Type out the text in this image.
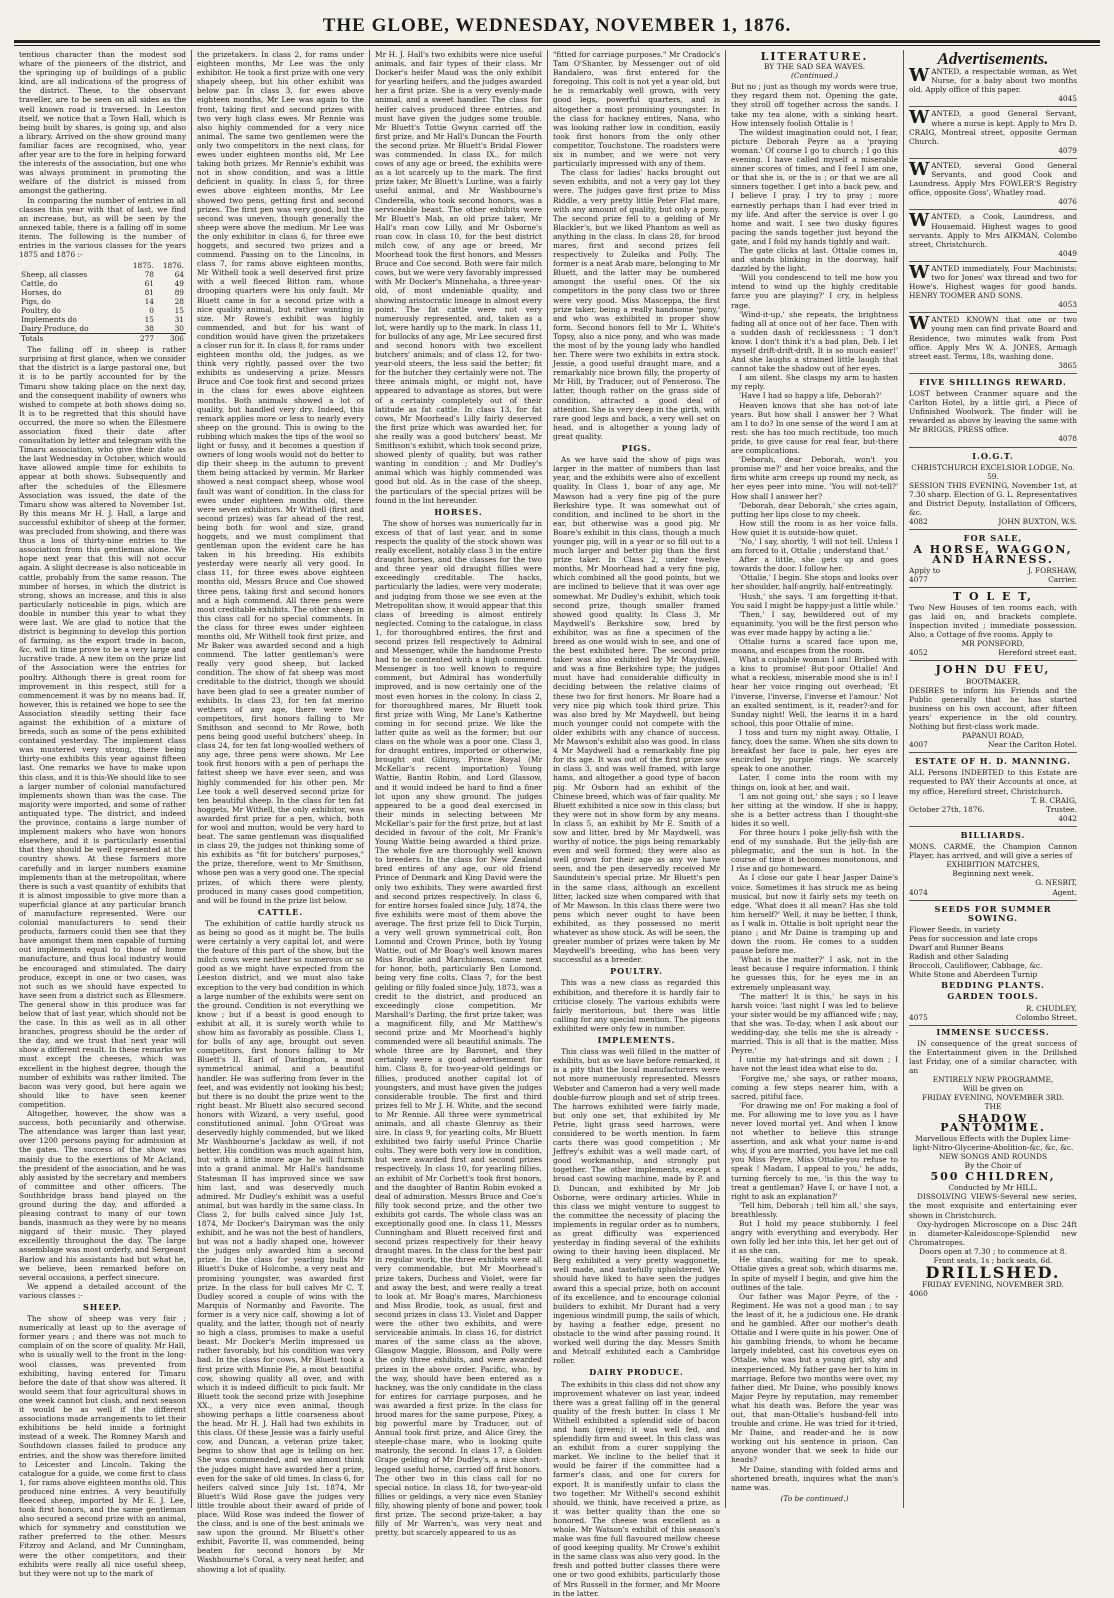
THE GLOBE, WEDNESDAY, NOVEMBER 1, 1876.

tentious character than the modest sod whare of the pioneers of the district, and the springing up of buildings of a public kind, are all indications of the progress of the district. These, to the observant traveller, are to be seen on all sides as the well known road is traversed. In Leeston itself, we notice that a Town Hall, which is being built by shares, is going up, and also a library. Arrived on the show ground many familiar faces are recognised, who, year after year are to the fore in helping forward the interests of the association, but one who was always prominent in promoting the welfare of the district is missed from amongst the gathering.

In comparing the number of entries in all classes this year with that of last, we find an increase, but, as will be seen by the annexed table, there is a falling off in some items. The following is the number of entries in the various classes for the years 1875 and 1876 :-

	1875.	1876.
Sheep, all classes	78	64
Cattle, do	61	49
Horses, do	81	89
Pigs, do	14	28
Poultry, do	0	15
Implements do	15	31
Dairy Produce, do	38	30
Totals	277	306

The falling off in sheep is rather surprising at first glance, when we consider that the district is a large pastoral one, but it is to be partly accounted for by the Timaru show taking place on the next day, and the consequent inability of owners who wished to compete at both shows doing so. It is to be regretted that this should have occurred, the more so when the Ellesmere association fixed their date after consultation by letter and telegram with the Timaru association, who give their date as the last Wednesday in October, which would have allowed ample time for exhibits to appear at both shows. Subsequently and after the schedules of the Ellesmere Association was issued, the date of the Timaru show was altered to November 1st. By this means Mr H. J. Hall, a large and successful exhibitor of sheep at the former, was precluded from showing, and there was thus a loss of thirty-nine entries to the association from this gentleman alone. We hope next year that this will not occur again. A slight decrease is also noticeable in cattle, probably from the same reason. The number of horses, in which the district is strong, shows an increase, and this is also particularly noticeable in pigs, which are double in number this year to what they were last. We are glad to notice that the district is beginning to develop this portion of farming, as the export trade in bacon, &c, will in time prove to be a very large and lucrative trade. A new item on the prize list of the Association were the entries for poultry. Although there is great room for improvement in this respect, still for a commencement it was by no means bad. If, however, this is retained we hope to see the Association steadily setting their face against the exhibition of a mixture of breeds, such as some of the pens exhibited contained yesterday. The implement class was mustered very strong, there being thirty-one exhibits this year against fifteen last. One remarks we have to make upon this class, and it is this-We should like to see a larger number of colonial manufactured implements shown than was the case. The majority were imported, and some of rather antiquated type. The district, and indeed the province, contains a large number of implement makers who have won honors elsewhere, and it is particularly essential that they should be well represented at the country shows. At these farmers more carefully and in larger numbers examine implements than at the metropolitan, where there is such a vast quantity of exhibits that it is almost impossible to give more than a superficial glance at any particular branch of manufacture represented. Were our colonial manufacturers to send their products, farmers could then see that they have amongst them men capable of turning out implements equal to those of home manufacture, and thus local industry would be encouraged and stimulated. The dairy produce, except in one or two cases, was not such as we should have expected to have seen from a district such as Ellesmere. The general show in this produce was far below that of last year, which should not be the case. In this as well as in all other branches, progress should be the order of the day, and we trust that next year will show a different result. In these remarks we must except the cheeses, which was excellent in the highest degree, though the number of exhibits was rather limited. The bacon was very good, but here again we should like to have seen keener competition.

Altogether, however, the show was a success, both pecuniarily and otherwise. The attendance was larger than last year, over 1200 persons paying for admission at the gates. The success of the show was mainly due to the exertions of Mr Acland, the president of the association, and he was ably assisted by the secretary and members of committee and other officers. The Southbridge brass band played on the ground during the day, and afforded a pleasing contrast to many of our town bands, inasmuch as they were by no means niggard of their music. They played excellently throughout the day. The large assemblage was most orderly, and Sergeant Barlow and his assistants had but what he, we believe, been remarked before on several occasions, a perfect sinecure.

We append a detailed account of the various classes :-

SHEEP.

The show of sheep was very fair ; numerically at least up to the average of former years ; and there was not much to complain of on the score of quality. Mr Hall, who is usually well to the front in the long-wool classes, was prevented from exhibiting, having entered for Timaru before the date of that show was altered. It would seem that four agricultural shows in one week cannot but clash, and next season it would be as well if the different associations made arrangements to let their exhibitions be held inside a fortnight instead of a week. The Romney Marsh and Southdown classes failed to produce any entries, and the show was therefore limited to Leicester and Lincoln. Taking the catalogue for a guide, we come first to class 1, for rams above eighteen months old. This produced nine entries. A very beautifully fleeced sheep, imported by Mr E. J. Lee, took first honors, and the same gentleman also secured a second prize with an animal, which for symmetry and constitution we rather preferred to the other. Messrs Fitzroy and Acland, and Mr Cunningham, were the other competitors, and their exhibits were really all nice useful sheep, but they were not up to the mark of

the prizetakers. In class 2, for rams under eighteen months, Mr Lee was the only exhibitor. He took a first prize with one very shapely sheep, but his other exhibit was below par. In class 3, for ewes above eighteen months, Mr Lee was again to the front, taking first and second prizes with two very high class ewes. Mr Rennie was also highly commended for a very nice animal. The same two gentlemen were the only two competitors in the next class, for ewes under eighteen months old, Mr Lee taking both prizes. Mr Rennie's exhibit was not in show condition, and was a little deficient in quality. In class 5, for three ewes above eighteen months, Mr Lee showed two pens, getting first and second prizes. The first pen was very good, but the second was uneven, though generally the sheep were above the medium. Mr Lee was the only exhibitor in class 6, for three ewe hoggets, and secured two prizes and a commend. Passing on to the Lincolns, in class 7, for rams above eighteen months, Mr Withell took a well deserved first prize with a well fleeced Bitton ram, whose drooping quarters were his only fault. Mr Bluett came in for a second prize with a nice quality animal, but rather wanting in size. Mr Rowe's exhibit was highly commended, and but for his want of condition would have given the prizetakers a closer run for it. In class 8, for rams under eighteen months old, the judges, as we think very rightly, passed over the two exhibits as undeserving a prize. Messrs Bruce and Coe took first and second prizes in the class for ewes above eighteen months. Both animals showed a lot of quality, but handled very dry. Indeed, this remark applies more or less to nearly every sheep on the ground. This is owing to the rubbing which makes the tips of the wool so light or fussy, and it becomes a question if owners of long wools would not do better to dip their sheep in the autumn to prevent them being attacked by vermin. Mr Barker showed a neat compact sheep, whose wool fault was want of condition. In the class for ewes under eighteen months old, there were seven exhibitors. Mr Withell (first and second prizes) was far ahead of the rest, being both for wool and size, grand hoggets, and we must compliment that gentleman upon the evident care he has taken in his breeding. His exhibits yesterday were nearly all very good. In class 11, for three ewes above eighteen months old, Messrs Bruce and Coe showed three pens, taking first and second honors and a high commend. All three pens were most creditable exhibits. The other sheep in this class call for no special comments. In the class for three ewes under eighteen months old, Mr Withell took first prize, and Mr Baker was awarded second and a high commend. The latter gentleman's were really very good sheep, but lacked condition. The show of fat sheep was most creditable to the district, though we should have been glad to see a greater number of exhibits. In class 23, for ten fat merino wethers of any age, there were two competitors, first honors falling to Mr Smithson and second to Mr Rowe, both pens being good useful butchers' sheep. In class 24, for ten fat long-woolled wethers of any age, three pens were shown. Mr Lee took first honors with a pen of perhaps the fattest sheep we have ever seen, and was highly commended for his other pen. Mr Lee took a well deserved second prize for ten beautiful sheep. In the class for ten fat hoggets, Mr Withell, the only exhibitor, was awarded first prize for a pen, which, both for wool and mutton, would be very hard to beat. The same gentleman was disqualified in class 29, the judges not thinking some of his exhibits as "fit for butchers' purposes," the prize, therefore, went to Mr Smithson, whose pen was a very good one. The special prizes, of which there were plenty, produced in many cases good competition, and will be found in the prize list below.

CATTLE.

The exhibition of cattle hardly struck us as being so good as it might be. The bulls were certainly a very capital lot, and were the feature of this part of the show, but the milch cows were neither so numerous or so good as we might have expected from the Leeston district, and we must also take exception to the very bad condition in which a large number of the exhibits were sent on the ground. Condition is not everything we know ; but if a beast is good enough to exhibit at all, it is surely worth while to show him as favorably as possible. Class 1, for bulls of any age, brought out seven competitors, first honors falling to Mr Bluett's II. Earl of Darlington, a most symmetrical animal, and a beautiful handler. He was suffering from fever in the feet, and was evidently not looking his best; but there is no doubt the prize went to the right beast. Mr Bluett also secured second honors with Wizard, a very useful, good constitutioned animal. John O'Groat was deservedly highly commended, but we liked Mr Washbourne's Jackdaw as well, if not better. His condition was much against him, but with a little more age he will furnish into a grand animal. Mr Hall's handsome Statesman II has improved since we saw him last, and was deservedly much admired. Mr Dudley's exhibit was a useful animal, but was hardly in the same class. In Class 2, for bulls calved since July 1st, 1874, Mr Docker's Dairyman was the only exhibit, and he was not the best of handlers, but was not a badly shaped one, however the judges only awarded him a second prize. In the class for yearling bulls Mr Bluett's Duke of Holcombe, a very neat and promising youngster, was awarded first prize. In the class for bull calves Mr C. T. Dudley scored a couple of wins with the Marquis of Normanby and Favorite. The former is a very nice calf, showing a lot of quality, and the latter, though not of nearly so high a class, promises to make a useful beast. Mr Docker's Merlin impressed us rather favorably, but his condition was very bad. In the class for cows, Mr Bluett took a first prize with Minnie Pie, a most beautiful cow, showing quality all over, and with which it is indeed difficult to pick fault. Mr Bluett took the second prize with Josephine XX., a very nice even animal, though showing perhaps a little coarseness about the head. Mr H. J. Hall had two exhibits in this class. Of these Jessie was a fairly useful cow, and Duncan, a veteran prize taker, begins to show that age is telling on her. She was commended, and we almost think the judges might have awarded her a prize, even for the sake of old times. In class 6, for heifers calved since July 1st, 1874, Mr Bluett's Wild Rose gave the judges very little trouble about their award of pride of place. Wild Rose was indeed the flower of the class, and is one of the best animals we saw upon the ground. Mr Bluett's other exhibit, Favorite II, was commended, being beaten for second honors by Mr Washbourne's Coral, a very neat heifer, and showing a lot of quality.

Mr H. J. Hall's two exhibits were nice useful animals, and fair types of their class. Mr Docker's heifer Maud was the only exhibit for yearling heifers, and the judges awarded her a first prize. She is a very evenly-made animal, and a sweet handler. The class for heifer calves produced three entries, and must have given the judges some trouble. Mr Bluett's Tottie Gwynn carried off the first prize, and Mr Hall's Duncan the Fourth the second prize. Mr Bluett's Bridal Flower was commended. In class IX., for milch cows of any age or breed, the exhibits were as a lot scarcely up to the mark. The first prize taker, Mr Bluett's Lurline, was a fairly useful animal, and Mr Washbourne's Cinderella, who took second honors, was a serviceable beast. The other exhibits were Mr Bluett's Mab, an old prize taker, Mr Hall's roan cow Lilly, and Mr Osborne's roan cow. In class 10, for the best district milch cow, of any age or breed, Mr Moorhead took the first honors, and Messrs Bruce and Coe second. Both were fair milch cows, but we were very favorably impressed with Mr Docker's Minnehaha, a three-year-old, of most undeniable quality, and showing aristocratic lineage in almost every point. The fat cattle were not very numerously represented, and, taken as a lot, were hardly up to the mark. In class 11, for bullocks of any age, Mr Lee secured first and second honors with two excellent butchers' animals; and of class 12, for two-year-old steers, the less said the better; fit for the butcher they certainly were not. The three animals might, or might not, have appeared to advantage as stores, but were of a certainty completely out of their latitude as fat cattle. In class 13, for fat cows, Mr Moorhead's Lilly fairly deserved the first prize which was awarded her, for she really was a good butchers' beast. Mr Smithson's exhibit, which took second prize, showed plenty of quality, but was rather wanting in condition ; and Mr Dudley's animal which was highly commended was good but old. As in the case of the sheep, the particulars of the special prizes will be found in the list hereunder.

HORSES.

The show of horses was numerically far in excess of that of last year, and in some respects the quality of the stock shown was really excellent, notably class 3 in the entire draught horses, and the classes for the two and three year old draught fillies were exceedingly creditable. The hacks, particularly the ladies, were very moderate; and judging from those we see even at the Metropolitan show, it would appear that this class of breeding is almost entirely neglected. Coming to the catalogue, in class 1, for thoroughbred entires, the first and second prizes fell respectively to Admiral and Messenger, while the handsome Presto had to be contented with a high commend. Messenger is too well known to require comment, but Admiral has wonderfully improved, and is now certainly one of the most even horses in the colony. In class 2, for thoroughbred mares, Mr Bluett took first prize with Wing, Mr Lane's Katherine coming in for second prize. We like the latter quite as well as the former; but our class on the whole was a poor one. Class 3, for draught entires, imported or otherwise, brought out Gilnroy, Prince Royal (Mr McKellar's recent importation) Young Wattie, Bantin Robin, and Lord Glassow, and it would indeed be hard to find a finer lot upon any show ground. The judges appeared to be a good deal exercised in their minds in selecting between Mr McKellar's pair for the first prize, but at last decided in favour of the colt, Mr Frank's Young Wattie being awarded a third prize. The whole five are thoroughly well known to breeders. In the class for New Zealand bred entires of any age, our old friend Prince of Denmark and King David were the only two exhibits. They were awarded first and second prizes respectively. In class 6, for entire horses foaled since July, 1874, the five exhibits were most of them above the average. The first prize fell to Dick Turpin, a very well grown symmetrical colt, Bon Lomond and Crown Prince, both by Young Wattie, out of Mr Boag's well known mares Miss Brodie and Marchioness, came next for honor, both, particularly Ben Lomond, being very fine colts. Class 7, for the best gelding or filly foaled since July, 1873, was a credit to the district, and produced an exceedingly close competition. Mr Marshall's Darling, the first prize taker, was a magnificent filly, and Mr Matthew's second prize and Mr Moorhead's highly commended were all beautiful animals. The whole three are by Baronet, and they certainly were a good advertisement for him. Class 8, for two-year-old geldings or fillies, produced another capital lot of youngsters, and must have given the judges considerable trouble. The first and third prizes fell to Mr J. H. White, and the second to Mr Rennie. All three were symmetrical animals, and all chaste Glenroy as their sire. In class 9, for yearling colts, Mr Bluett exhibited two fairly useful Prince Charlie colts. They were both very low in condition, but were awarded first and second prizes respectively. In class 10, for yearling fillies, an exhibit of Mr Corbett's took first honors, and the daughter of Bantin Robin evoked a deal of admiration. Messrs Bruce and Coe's filly took second prize, and the other two exhibits got cards. The whole class was an exceptionally good one. In class 11, Messrs Cunningham and Bluett received first and second prizes respectively for their heavy draught mares. In the class for the best pair in regular work, the three exhibits were all very commendable, but Mr Moorhead's prize takers, Duchess and Violet, were far and away the best, and were really a treat to look at. Mr Boag's mares, Marchioness and Miss Brodie, took, as usual, first and second prizes in class 13. Violet and Dapper were the other two exhibits, and were serviceable animals. In class 16, for district mares of the same class as the above, Glasgow Maggie, Blossom, and Polly were the only three exhibits, and were awarded prizes in the above order. Pacific, who, by the way, should have been entered as a hackney, was the only candidate in the class for entires for carriage purposes, and he was awarded a first prize. In the class for brood mares for the same purpose, Pixey, a big powerful mare by Traducer, out of Annual took first prize, and Alice Grey, the steeple-chase mare, who is looking quite matronly, the second. In class 17, a Golden Grape gelding of Mr Dudley's, a nice short-legged useful horse, carried off first honors. The other two in this class call for no special notice. In class 18, for two-year-old fillies or geldings, a very nice even Stanley filly, showing plenty of bone and power, took first prize. The second prize-taker, a bay filly of Mr Warren's, was very neat and pretty, but scarcely appeared to us as

"fitted for carriage purposes." Mr Cradock's Tam O'Shanter, by Messenger out of old Bandalero, was first entered for the foregoing. This colt is not yet a year old, but he is remarkably well grown, with very good legs, powerful quarters, and is altogether a most promising youngster. In the class for hackney entires, Nana, who was looking rather low in condition, easily took first honors from the only other competitor, Touchstone. The roadsters were six in number, and we were not very particularly impressed with any of them.

The class for ladies' hacks brought out seven exhibits, and not a very gay lot they were. The judges gave first prize to Miss Riddle, a very pretty little Peter Flat mare, with any amount of quality, but only a pony. The second prize fell to a gelding of Mr Blackler's, but we liked Phantom as well as anything in the class. In class 28, for brood mares, first and second prizes fell respectively to Zuleika and Polly. The former is a neat Arab mare, belonging to Mr Bluett, and the latter may be numbered amongst the useful ones. Of the six competitors in the pony class two or three were very good. Miss Masceppa, the first prize taker, being a really handsome 'pony,' and who was exhibited in proper show form. Second honors fell to Mr L. White's Topsy, also a nice pony, and who was made the most of by the young lady who handled her. There were two exhibits in extra stock. Jessie, a good useful draught mare, and a remarkably nice brown filly, the property of Mr Hill, by Traducer, out of Penseroso. The latter, though rather on the grass side of condition, attracted a good deal of attention. She is very deep in the girth, with rare good legs and back, a very well set on head, and is altogether a young lady of great quality.

PIGS.

As we have said the show of pigs was larger in the matter of numbers than last year, and the exhibits were also of excellent quality. In Class 1, boar of any age, Mr Mawson had a very fine pig of the pure Berkshire type. It was somewhat out of condition, and inclined to be short in the ear, but otherwise was a good pig. Mr Boare's exhibit in this class, though a much younger pig, will in a year or so fill out to a much larger and better pig than the first prize taker. In Class 2, under twelve months, Mr Moorhead had a very fine pig, which combined all the good points, but we are inclined to believe that it was over age somewhat. Mr Dudley's exhibit, which took second prize, though smaller framed showed good quality. In Class 3, Mr Maydwell's Berkshire sow, bred by exhibitor, was as fine a specimen of the breed as one would wish to see, and one of the best exhibited here. The second prize taker was also exhibited by Mr Maydwell, and was a fine Berkshire type; the judges must have had considerable difficulty in deciding between the relative claims of these two for first honors. Mr Boare had a very nice pig which took third prize. This was also bred by Mr Maydwell, but being much younger could not compete with the older exhibits with any chance of success. Mr Mawson's exhibit also was good. In class 4 Mr Maydwell had a remarkably fine pig for its age. It was out of the first prize sow in class 3, and was well framed, with large hams, and altogether a good type of bacon pig. Mr Osborn had an exhibit of the Chinese breed, which was of fair quality. Mr Bluett exhibited a nice sow in this class; but they were not in show form by any means. In class 5, an exhibit by Mr E. Smith of a sow and litter, bred by Mr Maydwell, was worthy of notice, the pigs being remarkably even and well formed; they were also as well grown for their age as any we have seen, and the pen deservedly received Mr Saundstein's special prize. Mr Bluett's pen in the same class, although an excellent litter, lacked size when compared with that of Mr Mawson. In this class there were two pens which never ought to have been exhibited, as they possessed no merit whatever as show stock. As will be seen, the greater number of prizes were taken by Mr Maydwell's breeding, who has been very successful as a breeder.

POULTRY.

This was a new class as regarded this exhibition, and therefore it is hardly fair to criticise closely. The various exhibits were fairly meritorious, but there was little calling for any special mention. The pigeons exhibited were only few in number.

IMPLEMENTS.

This class was well filled in the matter of exhibits, but as we have before remarked, it is a pity that the local manufacturers were not more numerously represented. Messrs Webster and Cameron had a very well made double-furrow plough and set of strip trees. The harrows exhibited were fairly made, but only one set, that exhibited by Mr Petrie, light grass seed harrows, were considered to be worth mention. In farm carts there was good competition ; Mr Jeffrey's exhibit was a well made cart, of good workmanship, and strongly put together. The other implements, except a broad cast sowing machine, made by P. and D. Duncan, and exhibited by Mr Job Osborne, were ordinary articles. While in this class we might venture to suggest to the committee the necessity of placing the implements in regular order as to numbers, as great difficulty was experienced yesterday in finding several of the exhibits owing to their having been displaced. Mr Berg exhibited a very pretty waggonette, well made, and tastefully upholstered. We should have liked to have seen the judges award this a special prize, both on account of its excellence, and to encourage colonial builders to exhibit. Mr Durant had a very ingenious windmill pump, the sails of which, by having a feather edge, present no obstacle to the wind after passing round. It worked well during the day. Messrs Smith and Metcalf exhibited each a Cambridge roller.

DAIRY PRODUCE.

The exhibits in this class did not show any improvement whatever on last year, indeed there was a great falling off in the general quality of the fresh butter. In class 1 Mr Withell exhibited a splendid side of bacon and ham (green); it was well fed, and splendidly firm and sweet. In this class was an exhibit from a curer supplying the market. We incline to the belief that it would be fairer if the committee had a farmer's class, and one for curers for export. It is manifestly unfair to class the two together. Mr Withell's second exhibit should, we think, have received a prize, as it was better quality than the one so honored. The cheese was excellent as a whole. Mr Watson's exhibit of this season's make was fine full flavoured mellow cheese of good keeping quality. Mr Crowe's exhibit in the same class was also very good. In the fresh and potted butter classes there were one or two good exhibits, particularly those of Mrs Russell in the former, and Mr Moore in the latter.

LITERATURE.
BY THE SAD SEA WAVES.
(Continued.)

But no ; just as though my words were true, they regard them not. Opening the gate, they stroll off together across the sands. I take my tea alone, with a sinking heart. How intensely foolish Ottalie is !

The wildest imagination could not, I fear, picture Deborah Peyre as a 'praying woman.' Of course I go to church ; I go this evening. I have called myself a miserable sinner scores of times, and I feel I am one, or that she is, or the is ; or that we are all sinners together. I get into a back pew, and I believe I pray. I try to pray ; more earnestly perhaps than I had ever tried in my life. And after the service is over I go home and wait. I see two dusky figures pacing the sands together just beyond the gate, and I fold my hands tightly and wait.

The gate clicks at last. Ottalie comes in, and stands blinking in the doorway, half dazzled by the light.

'Will you condescend to tell me how you intend to wind up the highly creditable farce you are playing?' I cry, in helpless rage.

'Wind-it-up,' she repeats, the brightness fading all at once out of her face. Then with a sudden dash of recklessness : 'I don't know. I don't think it's a bad plan, Deb. I let myself drift-drift-drift. It is so much easier!' And she laughs a strained little laugh that cannot take the shadow out of her eyes.

I am silent. She clasps my arm to hasten my reply.

'Have I had so happy a life, Deborah?'

Heaven knows that she has not-of late years. But how shall I answer her ? What am I to do? In one sense of the word I am at rest: she has too much rectitude, too much pride, to give cause for real fear, but-there are complications.

'Deborah, dear Deborah, won't you promise me?' and her voice breaks, and the firm white arm creeps up round my neck, as her eyes peer into mine. 'You will not-tell?' How shall I answer her?

'Deborah, dear Deborah,' she cries again, putting her lips close to my cheek.

How still the room is as her voice falls. How quiet it is outside-how quiet.

'No,' I say, shortly, 'I will not tell. Unless I am forced to it, Ottalie ; understand that.'

After a little, she gets up and goes towards the door. I follow her.

'Ottalie,' I begin. She stops and looks over her shoulder, half-angrily, half-entreatingly.

'Hush,' she says. 'I am forgetting it-that. You said I might be happy-just a little while.'

'Then,' I say, bewildered out of my equanimity, 'you will be the first person who was ever made happy by acting a lie.'

Ottalie turns a scared face upon me, moans, and escapes from the room.

What a culpable woman I am! Bribed with a kiss to promise! But-poor Ottalie! And what a reckless, miserable mood she is in! I hear her voice ringing out overhead; 'Et l'inverse, l'inverse, l'inverse et l'amour.' Not an exalted sentiment, is it, reader?-and for Sunday night! Well, the learns it in a hard school, this poor Ottalie of mine.

I toss and turn my night away. Ottalie, I fancy, does the same. When she sits down to breakfast her face is pale, her eyes are encircled by purple rings. We scarcely speak to one another.

Later, I come into the room with my things on, look at her, and wait.

'I am not going out,' she says ; so I leave her sitting at the window. If she is happy, she is a better actress than I thought-she hides it so well.

For three hours I poke jelly-fish with the end of my sunshade. But the jelly-fish are phlegmatic, and the sun is hot. In the course of time it becomes monotonous, and I rise and go homeward.

As I close our gate I hear Jasper Daine's voice. Sometimes it has struck me as being musical, but now it fairly sets my teeth on edge. 'What does it all mean? Has she told him herself?' Well, it may be better, I think, as I walk in. Ottalie is bolt upright near the piano ; and Mr Daine is tramping up and down the room. He comes to a sudden pause before me.

'What is the matter?' I ask, not in the least because I require information. I think he guesses this, for he eyes me in an extremely unpleasant way.

'The matter! It is this,' he says in his harsh voice: 'last night I was led to believe your sister would be my affianced wife ; nay, that she was. To-day, when I ask about our wedding-day, she tells me she is already -married. This is all that is the matter, Miss Peyre.'

I untie my hat-strings and sit down ; I have not the least idea what else to do.

'Forgive me,' she says, or rather moans, coming a few steps nearer him, with a sacred, pitiful face.

'For drawing me on! For making a fool of me. For allowing me to love you as I have never loved mortal yet. And when I know not whether to believe this strange assertion, and ask what your name is-and why, if you are married, you have let me call you Miss Peyre, Miss Ottalie-you refuse to speak ! Madam, I appeal to you,' he adds, turning fiercely to me, 'is this the way to treat a gentleman? Have I, or have I not, a right to ask an explanation?'

'Tell him, Deborah ; tell him all,' she says, breathlessly.

But I hold my peace stubbornly. I feel angry with everything and everybody. Her own folly led her into this, let her get out of it as she can.

He stands, waiting for me to speak. Ottalie gives a great sob, which disarms me. In spite of myself I begin, and give him the outlines of the tale.

Our father was Major Peyre, of the - Regiment. He was not a good man ; to say the least of it, he a judicious one. He drank and he gambled. After our mother's death Ottalie and I were quite in his power. One of his gambling friends, to whom he became largely indebted, cast his covetous eyes on Ottalie, who was but a young girl, shy and inexperienced. My father gave her to him in marriage. Before two months were over, my father died. Mr Daine, who possibly knows Major Peyre by reputation, may remember what his death was. Before the year was out, that man-Ottalie's husband-fell into trouble and crime. He was tried for it-tried, Mr Daine, and reader-and he is now working out his sentence in prison. Can anyone wonder that we seek to hide our heads?

Mr Daine, standing with folded arms and shortened breath, inquires what the man's name was.

(To be continued.)
Advertisements.
W ANTED, a respectable woman, as Wet Nurse, for a baby about two months old. Apply office of this paper.

4045
W ANTED, a good General Servant, where a nurse is kept. Apply to Mrs D. CRAIG, Montreal street, opposite German Church.

4079
W ANTED, several Good General Servants, and good Cook and Laundress. Apply Mrs FOWLER'S Registry office, opposite Goss', Whatley road.

4076
W ANTED, a Cook, Laundress, and Housemaid. Highest wages to good servants. Apply to Mrs AIKMAN, Colombo street, Christchurch.

4049
W ANTED immediately, Four Machinists: two for Jones' wax thread and two for Howe's. Highest wages for good hands. HENRY TOOMER AND SONS.

4053
W ANTED KNOWN that one or two young men can find private Board and Residence, two minutes walk from Post office. Apply Mrs W. A. JONES, Armagh street east. Terms, 18s, washing done.

3865
FIVE SHILLINGS REWARD.

LOST between Cranmer square and the Carlton Hotel, by a little girl, a Piece of Unfinished Woolwork. The finder will be rewarded as above by leaving the same with Mr BRIGGS, PRESS office.

4078
I.O.G.T.
CHRISTCHURCH EXCELSIOR LODGE, No. 59.

SESSION THIS EVENING, November 1st, at 7.30 sharp. Election of G. L. Representatives and District Deputy, Installation of Officers, &c.

4082	JOHN BUXTON, W.S.
FOR SALE,
A HORSE, WAGGON, AND HARNESS.
Apply to	J. FORSHAW,
4077	Carrier.
T O L E T,

Two New Houses of ten rooms each, with gas laid on, and brackets complete. Inspection invited ; immediate possession. Also, a Cottage of five rooms. Apply to

MR PONSFORD,
4052	Hereford street east.
JOHN DU FEU,
BOOTMAKER,

DESIRES to inform his Friends and the Public generally that he has started business on his own account, after fifteen years' experience in the old country. Nothing but first-class work made.

PAPANUI ROAD,
4007	Near the Carlton Hotel.
ESTATE OF H. D. MANNING.

ALL Persons INDEBTED to this Estate are requested to PAY their Accounts at once, at my office, Hereford street, Christchurch.

T. B. CRAIG,
October 27th, 1876.	Trustee.
4042
BILLIARDS.

MONS. CARME, the Champion Cannon Player, has arrived, and will give a series of

EXHIBITION MATCHES,
Beginning next week.
G. NESBIT,
4074	Agent.
SEEDS FOR SUMMER SOWING.
Flower Seeds, in variety
Peas for succession and late crops
Dwarf and Runner Beans
Radish and other Salading
Broccoli, Cauliflower, Cabbage, &c.
White Stone and Aberdeen Turnip
BEDDING PLANTS.
GARDEN TOOLS.
R. CHUDLEY,
4075	Colombo Street.
IMMENSE SUCCESS.

IN consequence of the great success of the Entertainment given in the Drillshed last Friday, one of a similar character, with an

ENTIRELY NEW PROGRAMME,
Will be given on
FRIDAY EVENING, NOVEMBER 3RD.
THE
SHADOW PANTOMIME.
Marvellous Effects with the Duplex Lime-light-Nitro-Glycerine-Abolition-&c, &c, &c.
NEW SONGS AND ROUNDS
By the Choir of
500 CHILDREN,
Conducted by Mr HILL.

DISSOLVING VIEWS-Several new series, the most exquisite and entertaining ever shown in Christchurch.

Oxy-hydrogen Microscope on a Disc 24ft in diameter-Kaleidoscope-Splendid new Chromatropes.

Doors open at 7.30 ; to commence at 8.
Front seats, 1s ; back seats, 6d.
DRILLSHED.
FRIDAY EVENING, NOVEMBER 3RD.
4060
